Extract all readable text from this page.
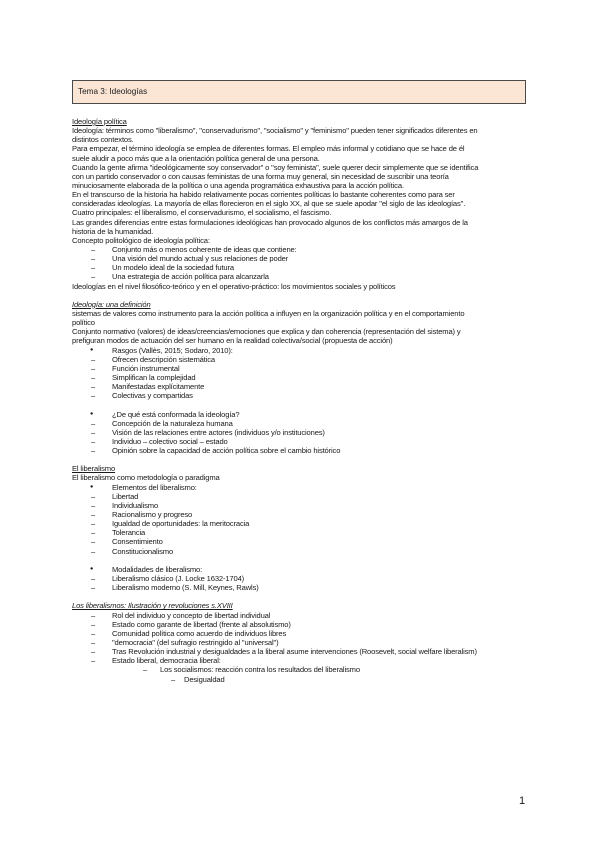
Tema 3: Ideologías
Ideología política
Ideología: términos como "liberalismo", "conservadurismo", "socialismo" y "feminismo" pueden tener significados diferentes en
distintos contextos.
Para empezar, el término ideología se emplea de diferentes formas. El empleo más informal y cotidiano que se hace de él
suele aludir a poco más que a la orientación política general de una persona.
Cuando la gente afirma "ideológicamente soy conservador" o "soy feminista", suele querer decir simplemente que se identifica
con un partido conservador o con causas feministas de una forma muy general, sin necesidad de suscribir una teoría
minuciosamente elaborada de la política o una agenda programática exhaustiva para la acción política.
En el transcurso de la historia ha habido relativamente pocas corrientes políticas lo bastante coherentes como para ser
consideradas ideologías. La mayoría de ellas florecieron en el siglo XX, al que se suele apodar "el siglo de las ideologías".
Cuatro principales: el liberalismo, el conservadurismo, el socialismo, el fascismo.
Las grandes diferencias entre estas formulaciones ideológicas han provocado algunos de los conflictos más amargos de la
historia de la humanidad.
Concepto politológico de ideología política:
– Conjunto más o menos coherente de ideas que contiene:
– Una visión del mundo actual y sus relaciones de poder
– Un modelo ideal de la sociedad futura
– Una estrategia de acción política para alcanzarla
Ideologías en el nivel filosófico-teórico y en el operativo-práctico: los movimientos sociales y políticos
Ideología: una definición
sistemas de valores como instrumento para la acción política a influyen en la organización política y en el comportamiento
político
Conjunto normativo (valores) de ideas/creencias/emociones que explica y dan coherencia (representación del sistema) y
prefiguran modos de actuación del ser humano en la realidad colectiva/social (propuesta de acción)
● Rasgos (Vallès, 2015; Sodaro, 2010):
– Ofrecen descripción sistemática
– Función instrumental
– Simplifican la complejidad
– Manifestadas explícitamente
– Colectivas y compartidas
● ¿De qué está conformada la ideología?
– Concepción de la naturaleza humana
– Visión de las relaciones entre actores (individuos y/o instituciones)
– Individuo – colectivo social – estado
– Opinión sobre la capacidad de acción política sobre el cambio histórico
El liberalismo
El liberalismo como metodología o paradigma
● Elementos del liberalismo:
– Libertad
– Individualismo
– Racionalismo y progreso
– Igualdad de oportunidades: la meritocracia
– Tolerancia
– Consentimiento
– Constitucionalismo
● Modalidades de liberalismo:
– Liberalismo clásico (J. Locke 1632-1704)
– Liberalismo moderno (S. Mill, Keynes, Rawls)
Los liberalismos: Ilustración y revoluciones s.XVIII
– Rol del individuo y concepto de libertad individual
– Estado como garante de libertad (frente al absolutismo)
– Comunidad política como acuerdo de individuos libres
– "democracia" (del sufragio restringido al "universal")
– Tras Revolución industrial y desigualdades a la liberal asume intervenciones (Roosevelt, social welfare liberalism)
– Estado liberal, democracia liberal:
– Los socialismos: reacción contra los resultados del liberalismo
– Desigualdad
1
